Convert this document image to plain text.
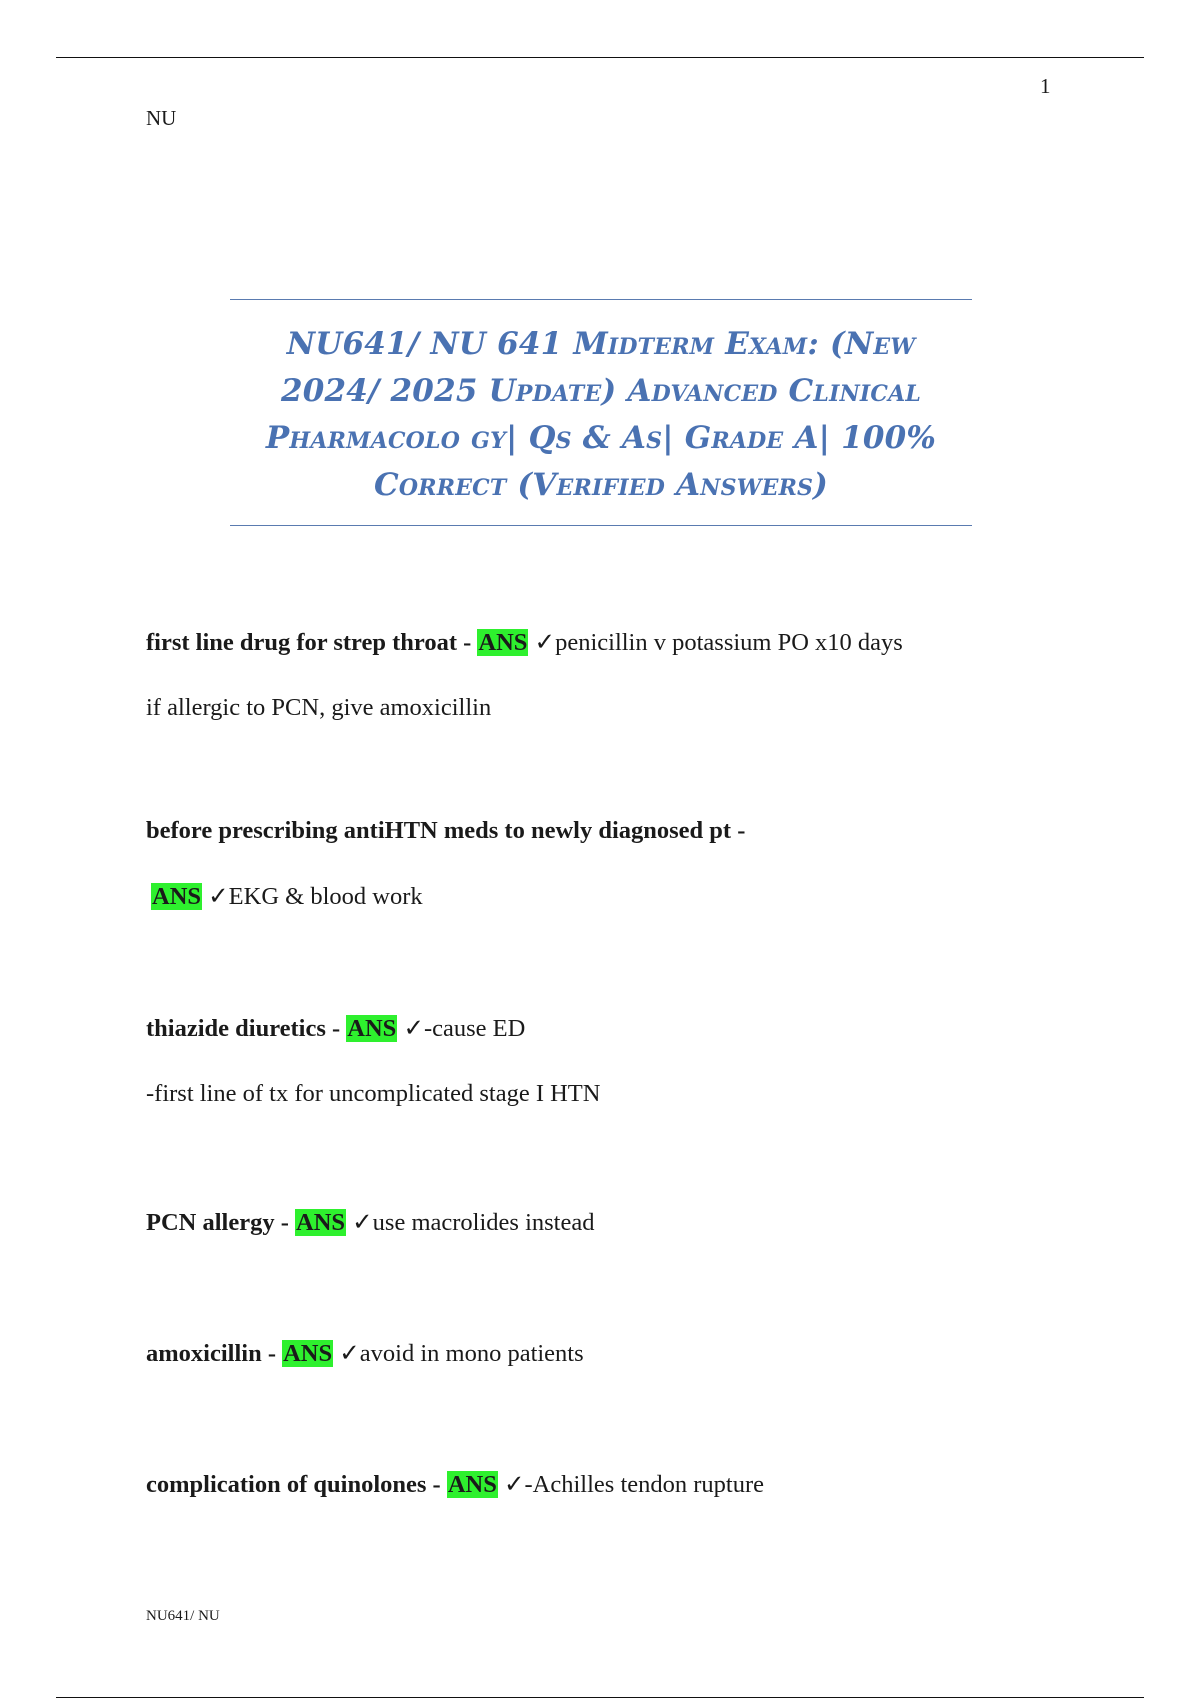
1
NU
NU641/ NU 641 Midterm Exam: (New 2024/ 2025 Update) Advanced Clinical Pharmacolo gy| Qs & As| Grade A| 100% Correct (Verified Answers)
first line drug for strep throat - ANS ✓penicillin v potassium PO x10 days
if allergic to PCN, give amoxicillin
before prescribing antiHTN meds to newly diagnosed pt -
ANS ✓EKG & blood work
thiazide diuretics - ANS ✓-cause ED
-first line of tx for uncomplicated stage I HTN
PCN allergy - ANS ✓use macrolides instead
amoxicillin - ANS ✓avoid in mono patients
complication of quinolones - ANS ✓-Achilles tendon rupture
NU641/ NU
